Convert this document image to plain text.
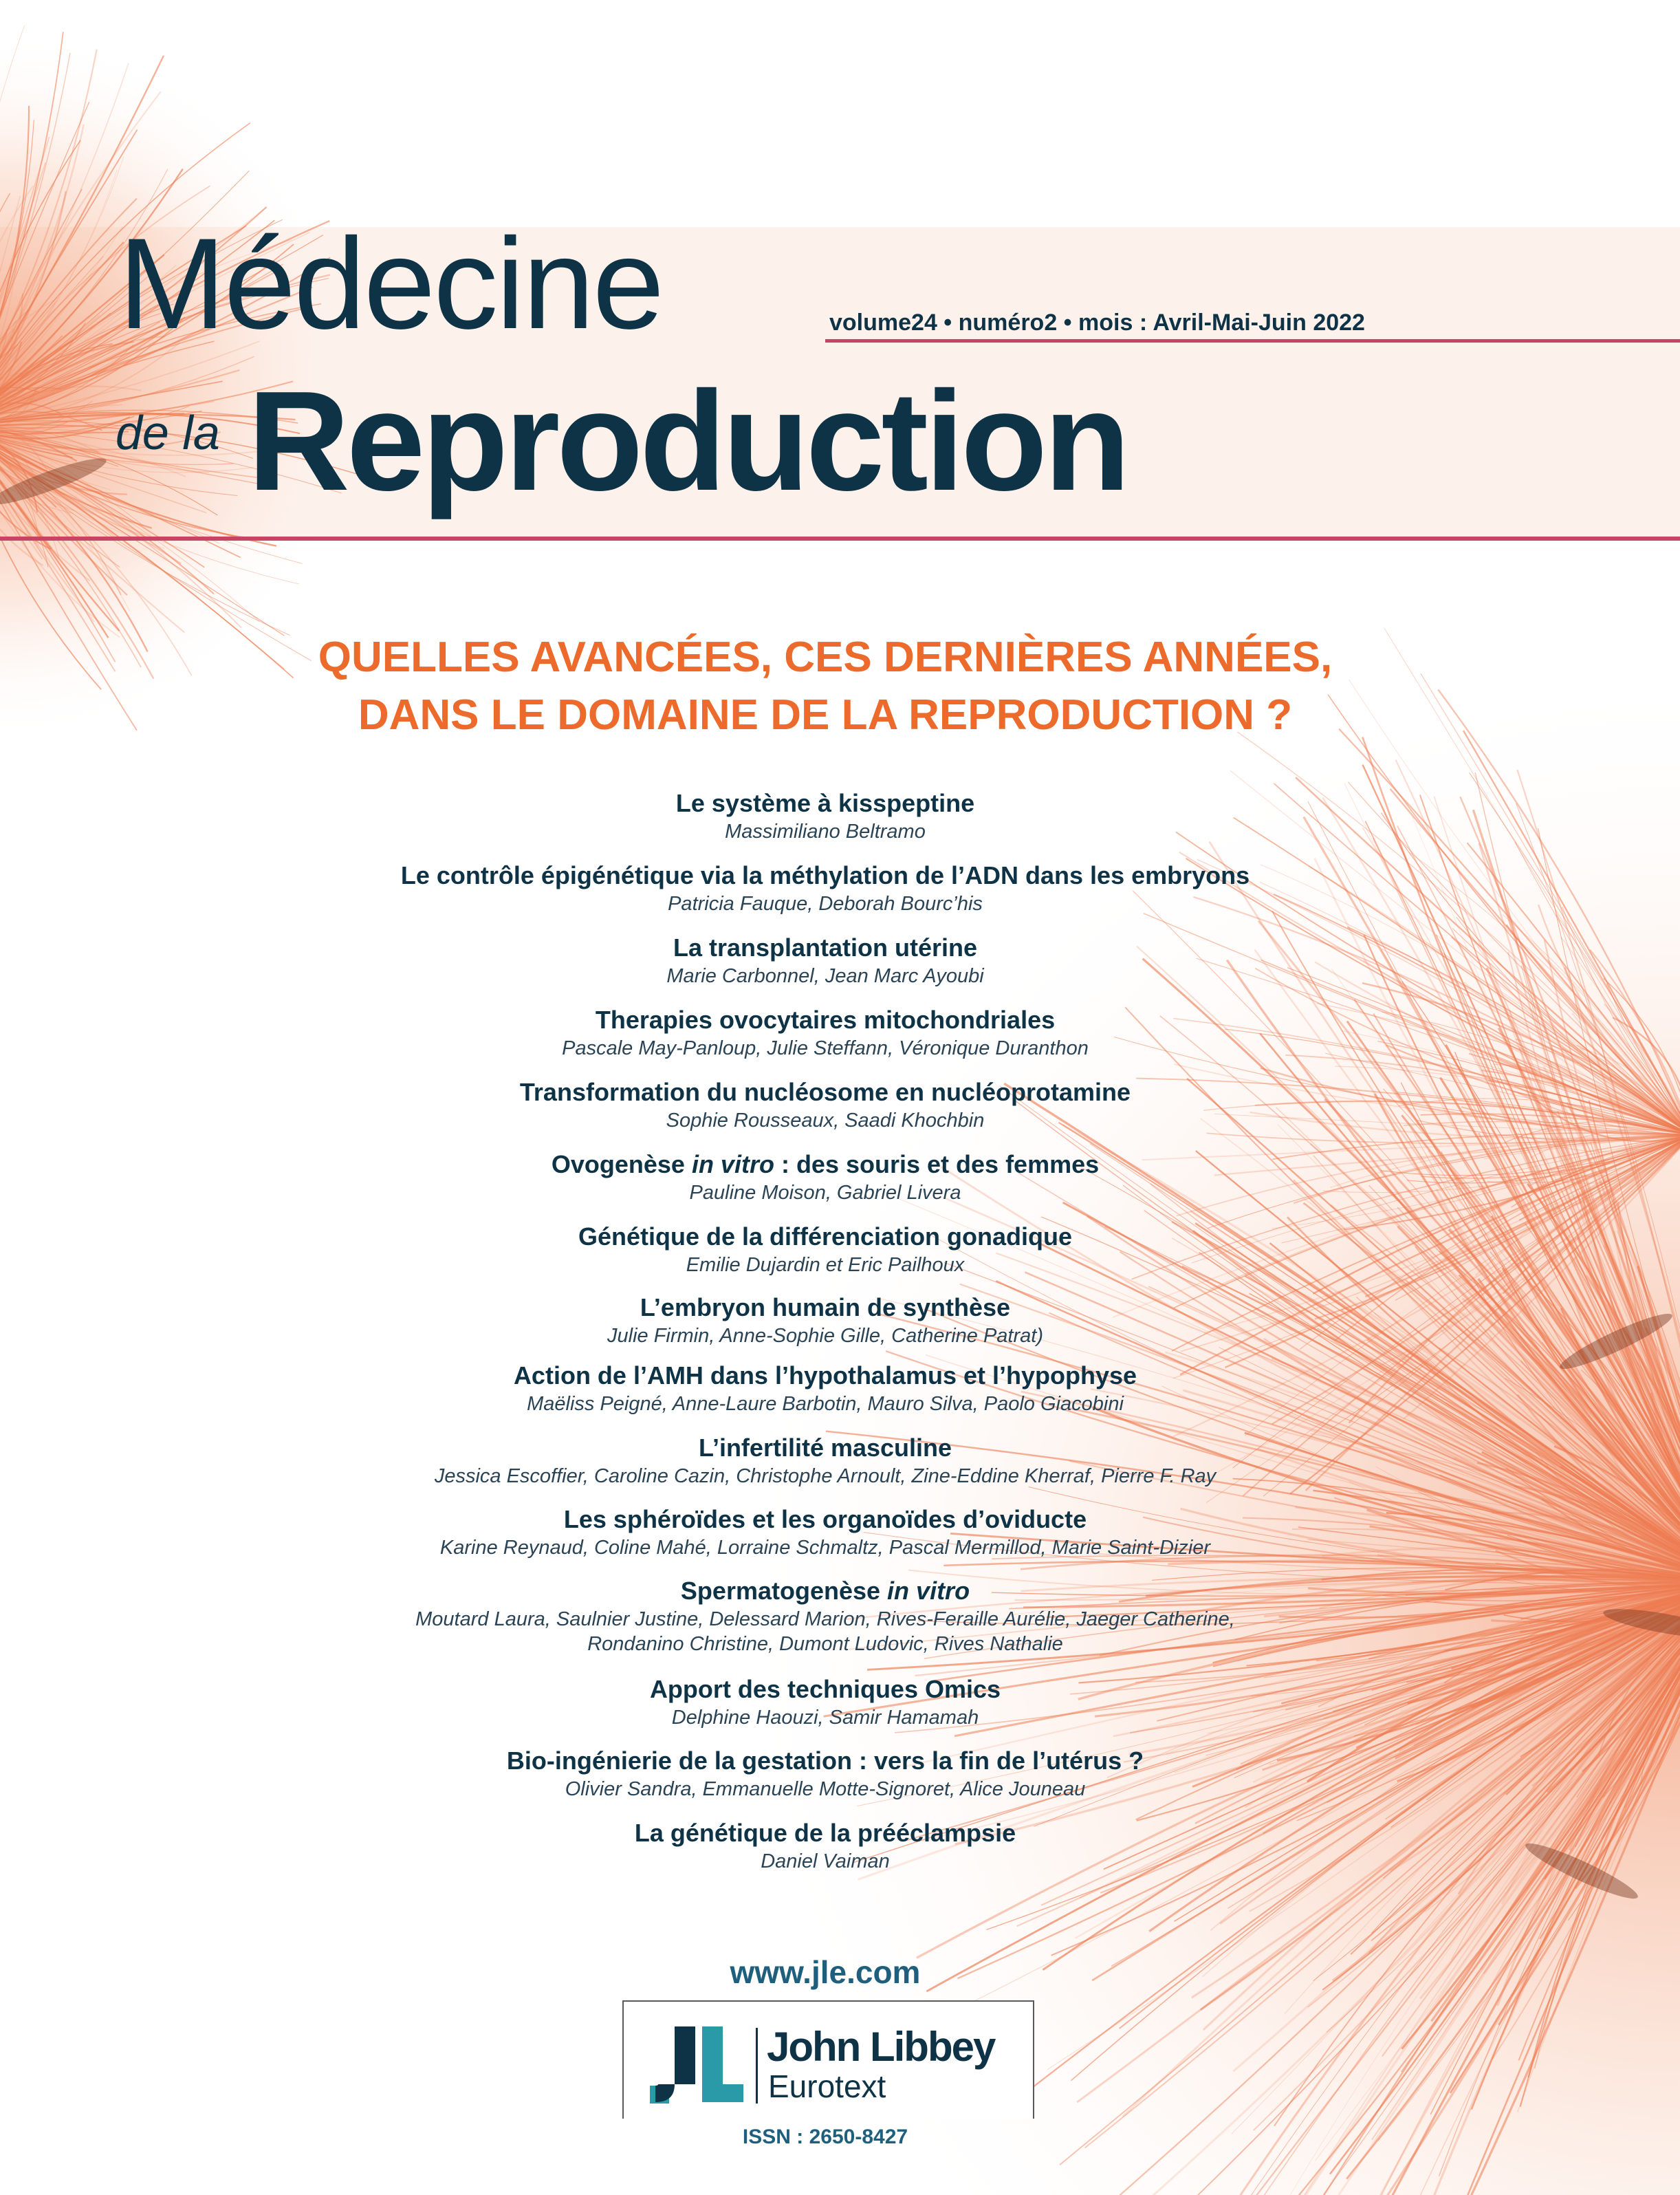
Médecine	volume24 • numéro2 • mois : Avril-Mai-Juin 2022
de la Reproduction
QUELLES AVANCÉES, CES DERNIÈRES ANNÉES,
DANS LE DOMAINE DE LA REPRODUCTION ?
Le système à kisspeptine
Massimiliano Beltramo
Le contrôle épigénétique via la méthylation de l’ADN dans les embryons
Patricia Fauque, Deborah Bourc’his
La transplantation utérine
Marie Carbonnel, Jean Marc Ayoubi
Therapies ovocytaires mitochondriales
Pascale May-Panloup, Julie Steffann, Véronique Duranthon
Transformation du nucléosome en nucléoprotamine
Sophie Rousseaux, Saadi Khochbin
Ovogenèse in vitro : des souris et des femmes
Pauline Moison, Gabriel Livera
Génétique de la différenciation gonadique
Emilie Dujardin et Eric Pailhoux
L’embryon humain de synthèse
Julie Firmin, Anne-Sophie Gille, Catherine Patrat)
Action de l’AMH dans l’hypothalamus et l’hypophyse
Maëliss Peigné, Anne-Laure Barbotin, Mauro Silva, Paolo Giacobini
L’infertilité masculine
Jessica Escoffier, Caroline Cazin, Christophe Arnoult, Zine-Eddine Kherraf, Pierre F. Ray
Les sphéroïdes et les organoïdes d’oviducte
Karine Reynaud, Coline Mahé, Lorraine Schmaltz, Pascal Mermillod, Marie Saint-Dizier
Spermatogenèse in vitro
Moutard Laura, Saulnier Justine, Delessard Marion, Rives-Feraille Aurélie, Jaeger Catherine,
Rondanino Christine, Dumont Ludovic, Rives Nathalie
Apport des techniques Omics
Delphine Haouzi, Samir Hamamah
Bio-ingénierie de la gestation : vers la fin de l’utérus ?
Olivier Sandra, Emmanuelle Motte-Signoret, Alice Jouneau
La génétique de la prééclampsie
Daniel Vaiman
www.jle.com
John Libbey
Eurotext
ISSN : 2650-8427
